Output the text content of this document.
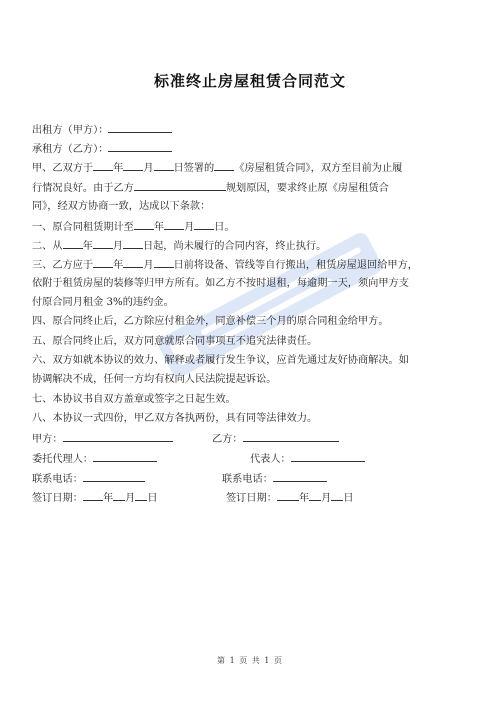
标准终止房屋租赁合同范文
出租方（甲方）：
承租方（乙方）：
甲、乙双方于 年 月 日签署的 《房屋租赁合同》，双方至目前为止履
行情况良好。由于乙方	规划原因，要求终止原《房屋租赁合
同》，经双方协商一致，达成以下条款：
一、原合同租赁期计至 年 月 日。
二、从 年 月 日起，尚未履行的合同内容，终止执行。
三、乙方应于 年 月 日前将设备、管线等自行搬出，租赁房屋退回给甲方，
依附于租赁房屋的装修等归甲方所有。如乙方不按时退租，每逾期一天，须向甲方支
付原合同月租金 3%的违约金。
四、原合同终止后，乙方除应付租金外，同意补偿三个月的原合同租金给甲方。
五、原合同终止后，双方同意就原合同事项互不追究法律责任。
六、双方如就本协议的效力、解释或者履行发生争议，应首先通过友好协商解决。如
协调解决不成，任何一方均有权向人民法院提起诉讼。
七、本协议书自双方盖章或签字之日起生效。
八、本协议一式四份，甲乙双方各执两份，具有同等法律效力。
甲方：	乙方：
委托代理人：	代表人：
联系电话：	联系电话：
签订日期： 年 月 日	签订日期： 年 月 日
第 1 页 共 1 页
